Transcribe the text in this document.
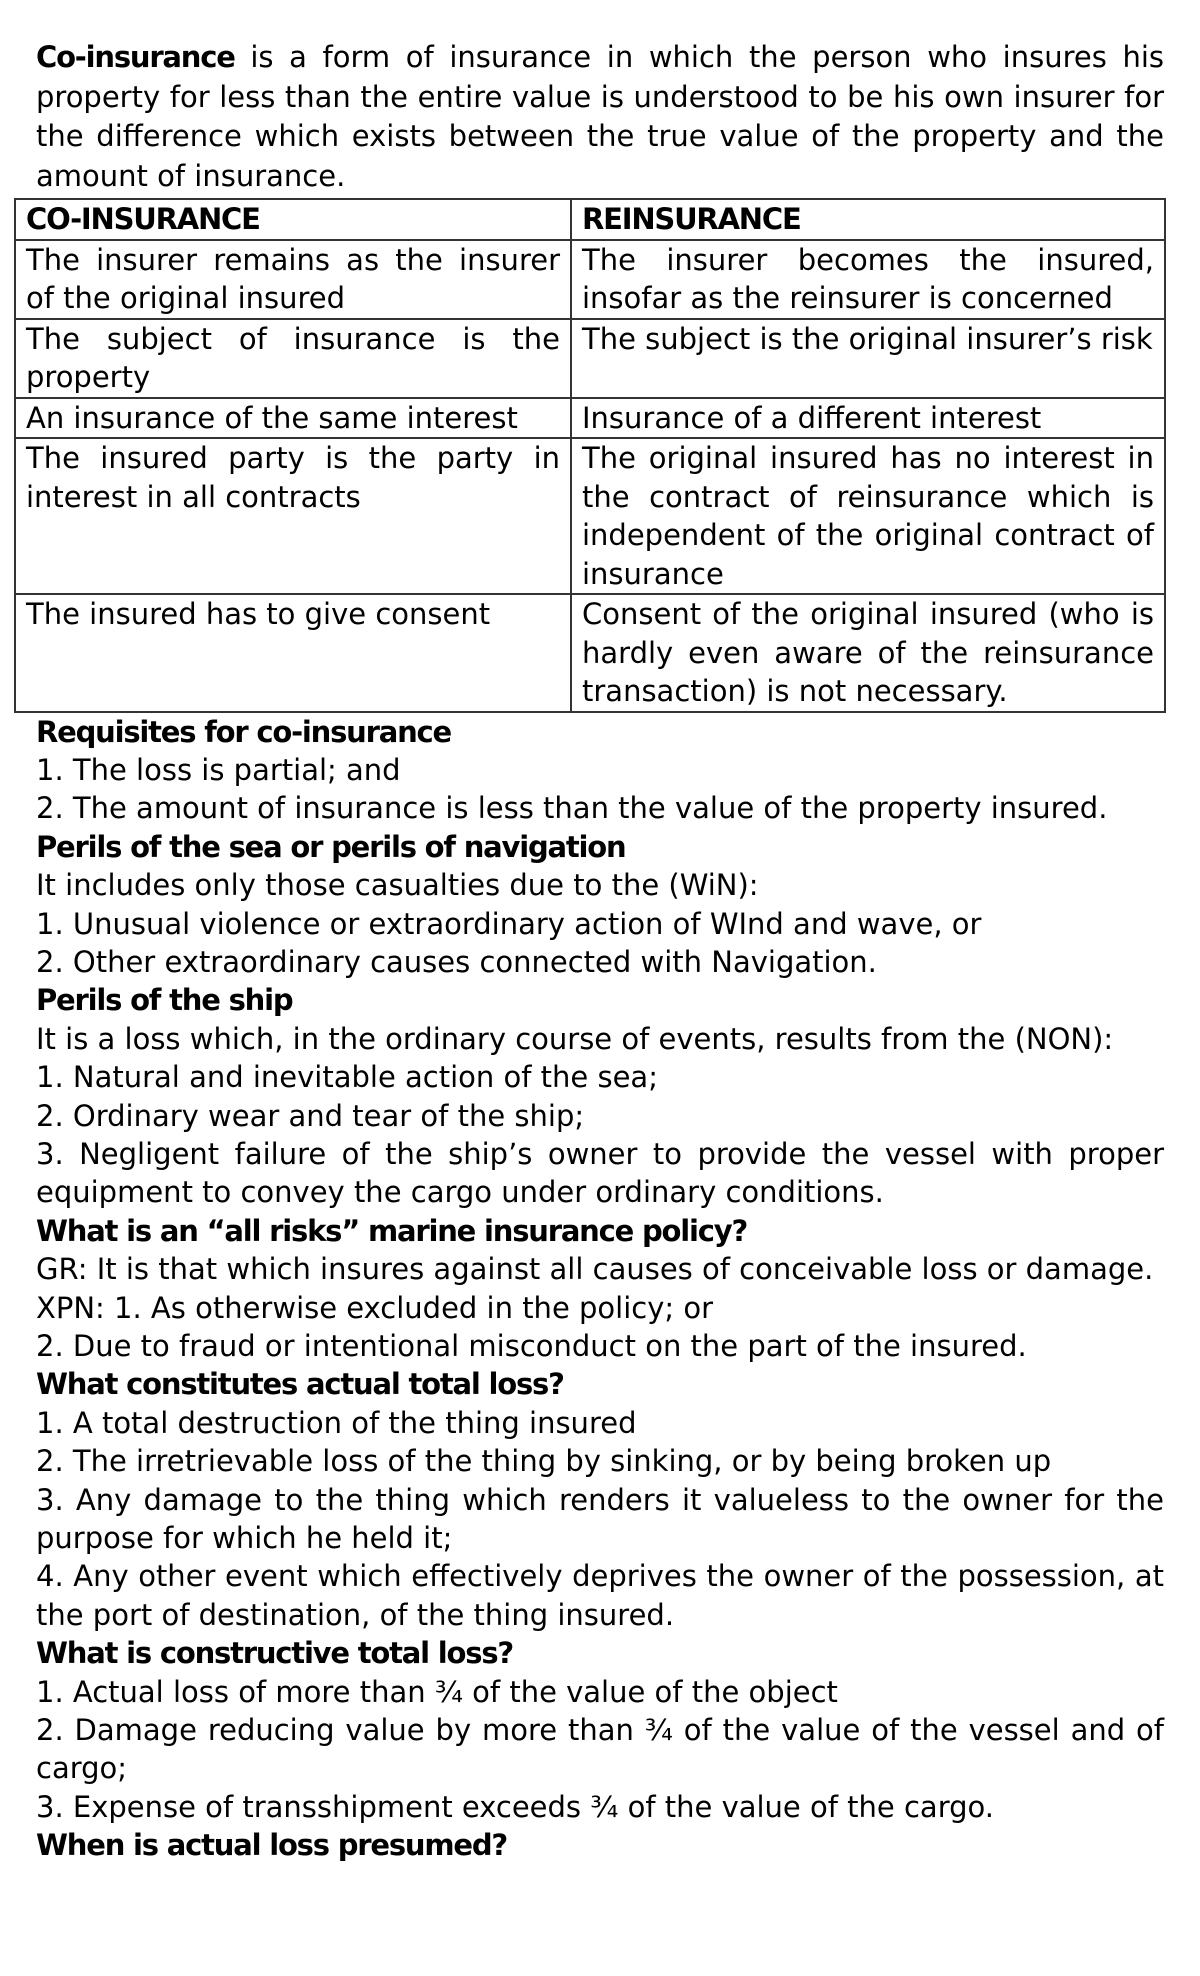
Co-insurance is a form of insurance in which the person who insures his property for less than the entire value is understood to be his own insurer for the difference which exists between the true value of the property and the amount of insurance.

CO-INSURANCE	REINSURANCE
The insurer remains as the insurer of the original insured	The insurer becomes the insured, insofar as the reinsurer is concerned
The subject of insurance is the property	The subject is the original insurer’s risk
An insurance of the same interest	Insurance of a different interest
The insured party is the party in interest in all contracts	The original insured has no interest in the contract of reinsurance which is independent of the original contract of insurance
The insured has to give consent	Consent of the original insured (who is hardly even aware of the reinsurance transaction) is not necessary.
Requisites for co-insurance
1. The loss is partial; and
2. The amount of insurance is less than the value of the property insured.
Perils of the sea or perils of navigation
It includes only those casualties due to the (WiN):
1. Unusual violence or extraordinary action of WInd and wave, or
2. Other extraordinary causes connected with Navigation.
Perils of the ship
It is a loss which, in the ordinary course of events, results from the (NON):
1. Natural and inevitable action of the sea;
2. Ordinary wear and tear of the ship;
3. Negligent failure of the ship’s owner to provide the vessel with proper equipment to convey the cargo under ordinary conditions.
What is an “all risks” marine insurance policy?
GR: It is that which insures against all causes of conceivable loss or damage.
XPN: 1. As otherwise excluded in the policy; or
2. Due to fraud or intentional misconduct on the part of the insured.
What constitutes actual total loss?
1. A total destruction of the thing insured
2. The irretrievable loss of the thing by sinking, or by being broken up
3. Any damage to the thing which renders it valueless to the owner for the purpose for which he held it;
4. Any other event which effectively deprives the owner of the possession, at the port of destination, of the thing insured.
What is constructive total loss?
1. Actual loss of more than ¾ of the value of the object
2. Damage reducing value by more than ¾ of the value of the vessel and of cargo;
3. Expense of transshipment exceeds ¾ of the value of the cargo.
When is actual loss presumed?
